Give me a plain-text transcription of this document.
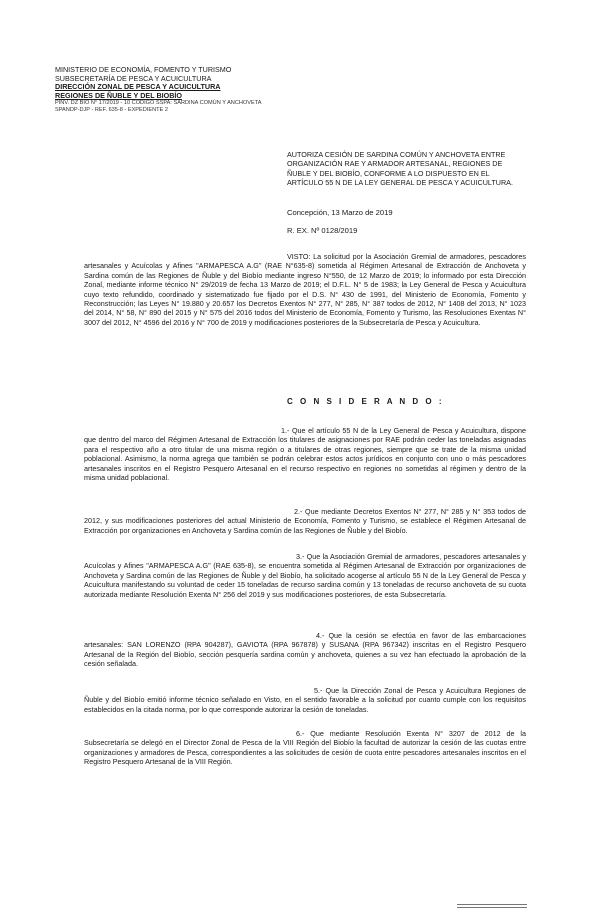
MINISTERIO DE ECONOMÍA, FOMENTO Y TURISMO
SUBSECRETARÍA DE PESCA Y ACUICULTURA
DIRECCIÓN ZONAL DE PESCA Y ACUICULTURA
REGIONES DE ÑUBLE Y DEL BIOBÍO
PINV. DZ BIO N° 17/2019 - 10 CÓDIGO SSPA: SARDINA COMÚN Y ANCHOVETA
SPANDP-DJP - REF. 635-8 - EXPEDIENTE 2
AUTORIZA CESIÓN DE SARDINA COMÚN Y ANCHOVETA ENTRE ORGANIZACIÓN RAE Y ARMADOR ARTESANAL, REGIONES DE ÑUBLE Y DEL BIOBÍO, CONFORME A LO DISPUESTO EN EL ARTÍCULO 55 N DE LA LEY GENERAL DE PESCA Y ACUICULTURA.
Concepción, 13 Marzo de 2019
R. EX. Nº 0128/2019
VISTO: La solicitud por la Asociación Gremial de armadores, pescadores artesanales y Acuícolas y Afines "ARMAPESCA A.G" (RAE N°635-8) sometida al Régimen Artesanal de Extracción de Anchoveta y Sardina común de las Regiones de Ñuble y del Biobío mediante ingreso N°550, de 12 Marzo de 2019; lo informado por esta Dirección Zonal, mediante informe técnico N° 29/2019 de fecha 13 Marzo de 2019; el D.F.L. N° 5 de 1983; la Ley General de Pesca y Acuicultura cuyo texto refundido, coordinado y sistematizado fue fijado por el D.S. N° 430 de 1991, del Ministerio de Economía, Fomento y Reconstrucción; las Leyes N° 19.880 y 20.657 los Decretos Exentos N° 277, N° 285, N° 387 todos de 2012, N° 1408 del 2013, N° 1023 del 2014, N° 58, N° 890 del 2015 y N° 575 del 2016 todos del Ministerio de Economía, Fomento y Turismo, las Resoluciones Exentas N° 3007 del 2012, N° 4596 del 2016 y N° 700 de 2019 y modificaciones posteriores de la Subsecretaría de Pesca y Acuicultura.
C O N S I D E R A N D O :
1.- Que el artículo 55 N de la Ley General de Pesca y Acuicultura, dispone que dentro del marco del Régimen Artesanal de Extracción los titulares de asignaciones por RAE podrán ceder las toneladas asignadas para el respectivo año a otro titular de una misma región o a titulares de otras regiones, siempre que se trate de la misma unidad poblacional. Asimismo, la norma agrega que también se podrán celebrar estos actos jurídicos en conjunto con uno o más pescadores artesanales inscritos en el Registro Pesquero Artesanal en el recurso respectivo en regiones no sometidas al régimen y dentro de la misma unidad poblacional.
2.- Que mediante Decretos Exentos N° 277, N° 285 y N° 353 todos de 2012, y sus modificaciones posteriores del actual Ministerio de Economía, Fomento y Turismo, se establece el Régimen Artesanal de Extracción por organizaciones en Anchoveta y Sardina común de las Regiones de Ñuble y del Biobío.
3.- Que la Asociación Gremial de armadores, pescadores artesanales y Acuícolas y Afines "ARMAPESCA A.G" (RAE 635-8), se encuentra sometida al Régimen Artesanal de Extracción por organizaciones de Anchoveta y Sardina común de las Regiones de Ñuble y del Biobío, ha solicitado acogerse al artículo 55 N de la Ley General de Pesca y Acuicultura manifestando su voluntad de ceder 15 toneladas de recurso sardina común y 13 toneladas de recurso anchoveta de su cuota autorizada mediante Resolución Exenta N° 256 del 2019 y sus modificaciones posteriores, de esta Subsecretaría.
4.- Que la cesión se efectúa en favor de las embarcaciones artesanales: SAN LORENZO (RPA 904287), GAVIOTA (RPA 967878) y SUSANA (RPA 967342) inscritas en el Registro Pesquero Artesanal de la Región del Biobío, sección pesquería sardina común y anchoveta, quienes a su vez han efectuado la aprobación de la cesión señalada.
5.- Que la Dirección Zonal de Pesca y Acuicultura Regiones de Ñuble y del Biobío emitió informe técnico señalado en Visto, en el sentido favorable a la solicitud por cuanto cumple con los requisitos establecidos en la citada norma, por lo que corresponde autorizar la cesión de toneladas.
6.- Que mediante Resolución Exenta N° 3207 de 2012 de la Subsecretaría se delegó en el Director Zonal de Pesca de la VIII Región del Biobío la facultad de autorizar la cesión de las cuotas entre organizaciones y armadores de Pesca, correspondientes a las solicitudes de cesión de cuota entre pescadores artesanales inscritos en el Registro Pesquero Artesanal de la VIII Región.
